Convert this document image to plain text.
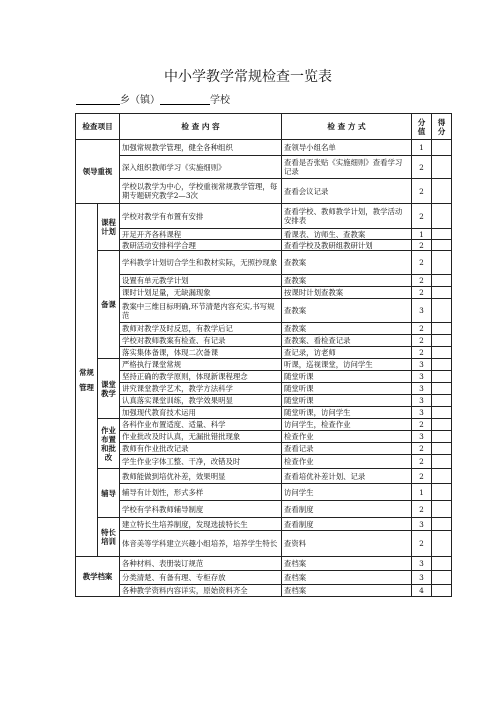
中小学教学常规检查一览表
乡（镇）	学校
检查项目		检 查 内 容	检 查 方 式	分值	得分
领导重视		加强常规教学管理，健全各种组织	查领导小组名单	1	
		深入组织教师学习《实施细则》	查看是否张贴《实施细则》查看学习记录	2	
		学校以教学为中心，学校重视常规教学管理，每期专题研究教学2—3次	查看会议记录	2	
常规管理	课程计划	学校对教学有布置有安排	查看学校、教师教学计划，教学活动安排表	2	
		开足开齐各科课程	看课表、访师生、查教案	1	
		教研活动安排科学合理	查看学校及教研组教研计划	2	
	备课	学科教学计划切合学生和教材实际，无照抄现象	查教案	2	
		设置有单元教学计划	查教案	2	
		课时计划足量，无缺漏现象	按课时计划查教案	2	
		教案中三维目标明确,环节清楚内容充实,书写规范	查教案	3	
		教师对教学及时反思，有教学后记	查教案	2	
		学校对教师教案有检查、有记录	查教案、看检查记录	2	
		落实集体备课，体现二次备课	查记录，访老师	2	
	课堂教学	严格执行课堂常规	听课，巡视课堂，访问学生	3	
		坚持正确的教学原则，体现新课程理念	随堂听课	3	
		讲究课堂教学艺术，教学方法科学	随堂听课	3	
		认真落实课堂训练，教学效果明显	随堂听课	3	
		加强现代教育技术运用	随堂听课，访问学生	3	
	作业布置和批改	各科作业布置适度、适量、科学	访问学生，检查作业	2	
		作业批改及时认真，无漏批错批现象	检查作业	3	
		教师有作业批改记录	查看记录	2	
		学生作业字体工整、干净，改错及时	检查作业	2	
	辅导	教师能做到培优补差，效果明显	查看培优补差计划、记录	2	
		辅导有计划性，形式多样	访问学生	1	
		学校有学科教师辅导制度	查看制度	2	
	特长培训	建立特长生培养制度，发现选拔特长生	查看制度	3	
		体音美等学科建立兴趣小组培养，培养学生特长	查资料	2	
教学档案		各种材料、表册装订规范	查档案	3	
		分类清楚、有备有理、专柜存放	查档案	3	
		各种教学资料内容详实，原始资料齐全	查档案	4	
